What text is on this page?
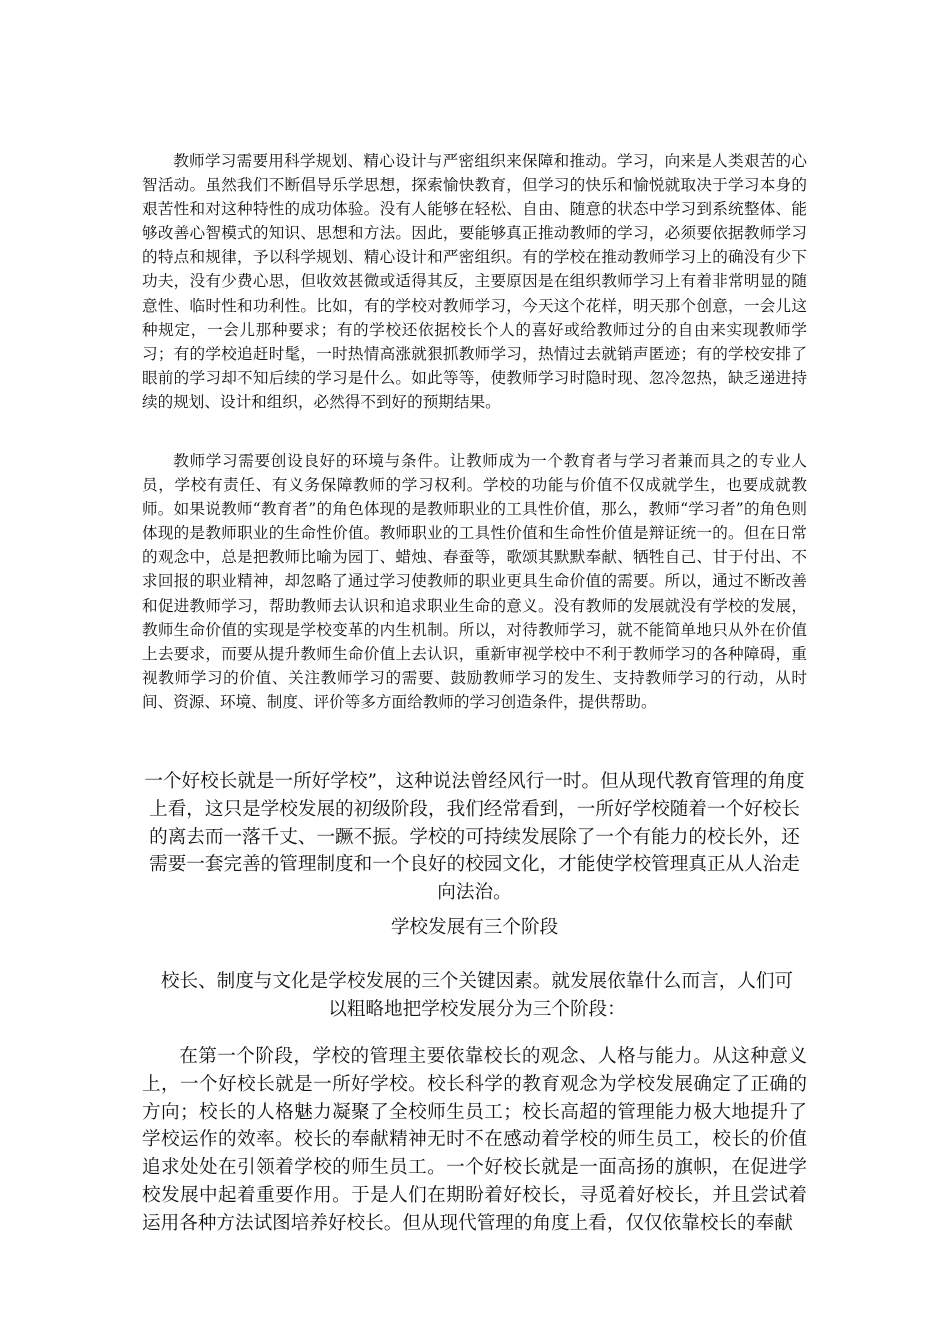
教师学习需要用科学规划、精心设计与严密组织来保障和推动。学习，向来是人类艰苦的心智活动。虽然我们不断倡导乐学思想，探索愉快教育，但学习的快乐和愉悦就取决于学习本身的艰苦性和对这种特性的成功体验。没有人能够在轻松、自由、随意的状态中学习到系统整体、能够改善心智模式的知识、思想和方法。因此，要能够真正推动教师的学习，必须要依据教师学习的特点和规律，予以科学规划、精心设计和严密组织。有的学校在推动教师学习上的确没有少下功夫，没有少费心思，但收效甚微或适得其反，主要原因是在组织教师学习上有着非常明显的随意性、临时性和功利性。比如，有的学校对教师学习，今天这个花样，明天那个创意，一会儿这种规定，一会儿那种要求；有的学校还依据校长个人的喜好或给教师过分的自由来实现教师学习；有的学校追赶时髦，一时热情高涨就狠抓教师学习，热情过去就销声匿迹；有的学校安排了眼前的学习却不知后续的学习是什么。如此等等，使教师学习时隐时现、忽冷忽热，缺乏递进持续的规划、设计和组织，必然得不到好的预期结果。

教师学习需要创设良好的环境与条件。让教师成为一个教育者与学习者兼而具之的专业人员，学校有责任、有义务保障教师的学习权利。学校的功能与价值不仅成就学生，也要成就教师。如果说教师“教育者”的角色体现的是教师职业的工具性价值，那么，教师“学习者”的角色则体现的是教师职业的生命性价值。教师职业的工具性价值和生命性价值是辩证统一的。但在日常的观念中，总是把教师比喻为园丁、蜡烛、春蚕等，歌颂其默默奉献、牺牲自己、甘于付出、不求回报的职业精神，却忽略了通过学习使教师的职业更具生命价值的需要。所以，通过不断改善和促进教师学习，帮助教师去认识和追求职业生命的意义。没有教师的发展就没有学校的发展，教师生命价值的实现是学校变革的内生机制。所以，对待教师学习，就不能简单地只从外在价值上去要求，而要从提升教师生命价值上去认识，重新审视学校中不利于教师学习的各种障碍，重视教师学习的价值、关注教师学习的需要、鼓励教师学习的发生、支持教师学习的行动，从时间、资源、环境、制度、评价等多方面给教师的学习创造条件，提供帮助。

一个好校长就是一所好学校”，这种说法曾经风行一时。但从现代教育管理的角度上看，这只是学校发展的初级阶段，我们经常看到，一所好学校随着一个好校长的离去而一落千丈、一蹶不振。学校的可持续发展除了一个有能力的校长外，还需要一套完善的管理制度和一个良好的校园文化，才能使学校管理真正从人治走向法治。

学校发展有三个阶段

校长、制度与文化是学校发展的三个关键因素。就发展依靠什么而言，人们可以粗略地把学校发展分为三个阶段：

在第一个阶段，学校的管理主要依靠校长的观念、人格与能力。从这种意义上，一个好校长就是一所好学校。校长科学的教育观念为学校发展确定了正确的方向；校长的人格魅力凝聚了全校师生员工；校长高超的管理能力极大地提升了学校运作的效率。校长的奉献精神无时不在感动着学校的师生员工，校长的价值追求处处在引领着学校的师生员工。一个好校长就是一面高扬的旗帜，在促进学校发展中起着重要作用。于是人们在期盼着好校长，寻觅着好校长，并且尝试着运用各种方法试图培养好校长。但从现代管理的角度上看，仅仅依靠校长的奉献
